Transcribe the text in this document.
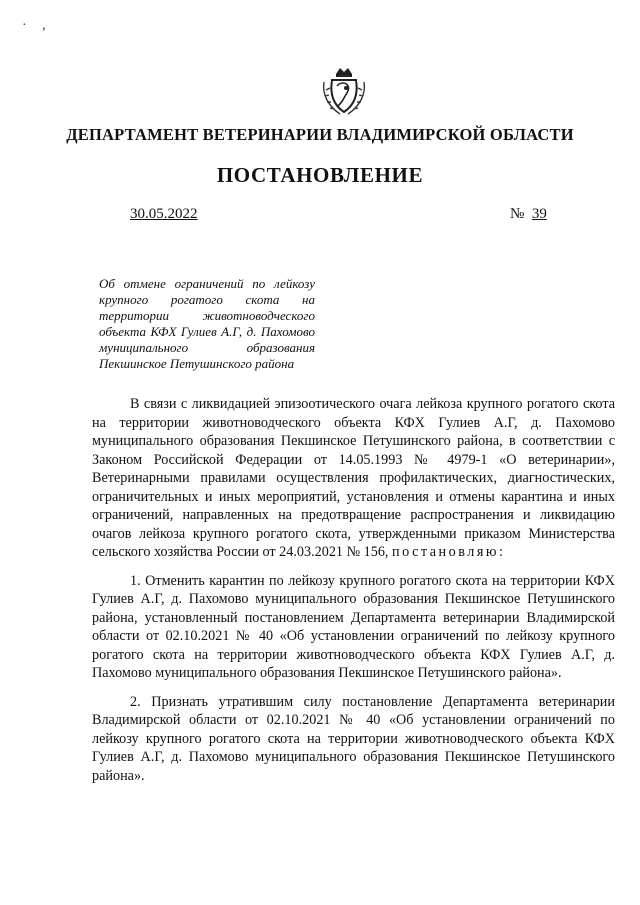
· ,
ДЕПАРТАМЕНТ ВЕТЕРИНАРИИ ВЛАДИМИРСКОЙ ОБЛАСТИ
ПОСТАНОВЛЕНИЕ
30.05.2022	№ 39
Об отмене ограничений по лейкозу крупного рогатого скота на территории животноводческого объекта КФХ Гулиев А.Г, д. Пахомово муниципального образования Пекшинское Петушинского района

В связи с ликвидацией эпизоотического очага лейкоза крупного рогатого скота на территории животноводческого объекта КФХ Гулиев А.Г, д. Пахомово муниципального образования Пекшинское Петушинского района, в соответствии с Законом Российской Федерации от 14.05.1993 № 4979-1 «О ветеринарии», Ветеринарными правилами осуществления профилактических, диагностических, ограничительных и иных мероприятий, установления и отмены карантина и иных ограничений, направленных на предотвращение распространения и ликвидацию очагов лейкоза крупного рогатого скота, утвержденными приказом Министерства сельского хозяйства России от 24.03.2021 № 156, постановляю:

1. Отменить карантин по лейкозу крупного рогатого скота на территории КФХ Гулиев А.Г, д. Пахомово муниципального образования Пекшинское Петушинского района, установленный постановлением Департамента ветеринарии Владимирской области от 02.10.2021 № 40 «Об установлении ограничений по лейкозу крупного рогатого скота на территории животноводческого объекта КФХ Гулиев А.Г, д. Пахомово муниципального образования Пекшинское Петушинского района».

2. Признать утратившим силу постановление Департамента ветеринарии Владимирской области от 02.10.2021 № 40 «Об установлении ограничений по лейкозу крупного рогатого скота на территории животноводческого объекта КФХ Гулиев А.Г, д. Пахомово муниципального образования Пекшинское Петушинского района».
